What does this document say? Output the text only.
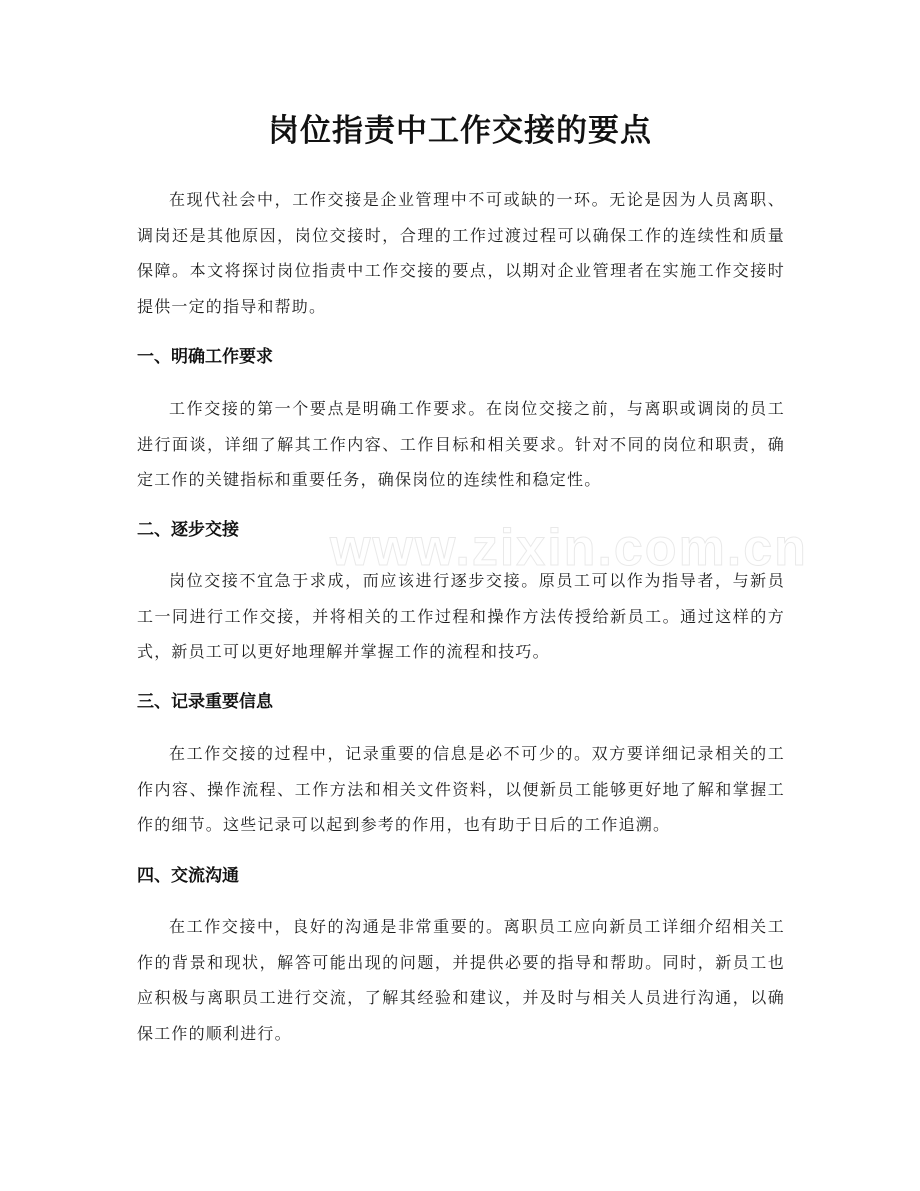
www.zixin.com.cn
岗位指责中工作交接的要点

在现代社会中，工作交接是企业管理中不可或缺的一环。无论是因为人员离职、调岗还是其他原因，岗位交接时，合理的工作过渡过程可以确保工作的连续性和质量保障。本文将探讨岗位指责中工作交接的要点，以期对企业管理者在实施工作交接时提供一定的指导和帮助。

一、明确工作要求

工作交接的第一个要点是明确工作要求。在岗位交接之前，与离职或调岗的员工进行面谈，详细了解其工作内容、工作目标和相关要求。针对不同的岗位和职责，确定工作的关键指标和重要任务，确保岗位的连续性和稳定性。

二、逐步交接

岗位交接不宜急于求成，而应该进行逐步交接。原员工可以作为指导者，与新员工一同进行工作交接，并将相关的工作过程和操作方法传授给新员工。通过这样的方式，新员工可以更好地理解并掌握工作的流程和技巧。

三、记录重要信息

在工作交接的过程中，记录重要的信息是必不可少的。双方要详细记录相关的工作内容、操作流程、工作方法和相关文件资料，以便新员工能够更好地了解和掌握工作的细节。这些记录可以起到参考的作用，也有助于日后的工作追溯。

四、交流沟通

在工作交接中，良好的沟通是非常重要的。离职员工应向新员工详细介绍相关工作的背景和现状，解答可能出现的问题，并提供必要的指导和帮助。同时，新员工也应积极与离职员工进行交流，了解其经验和建议，并及时与相关人员进行沟通，以确保工作的顺利进行。
